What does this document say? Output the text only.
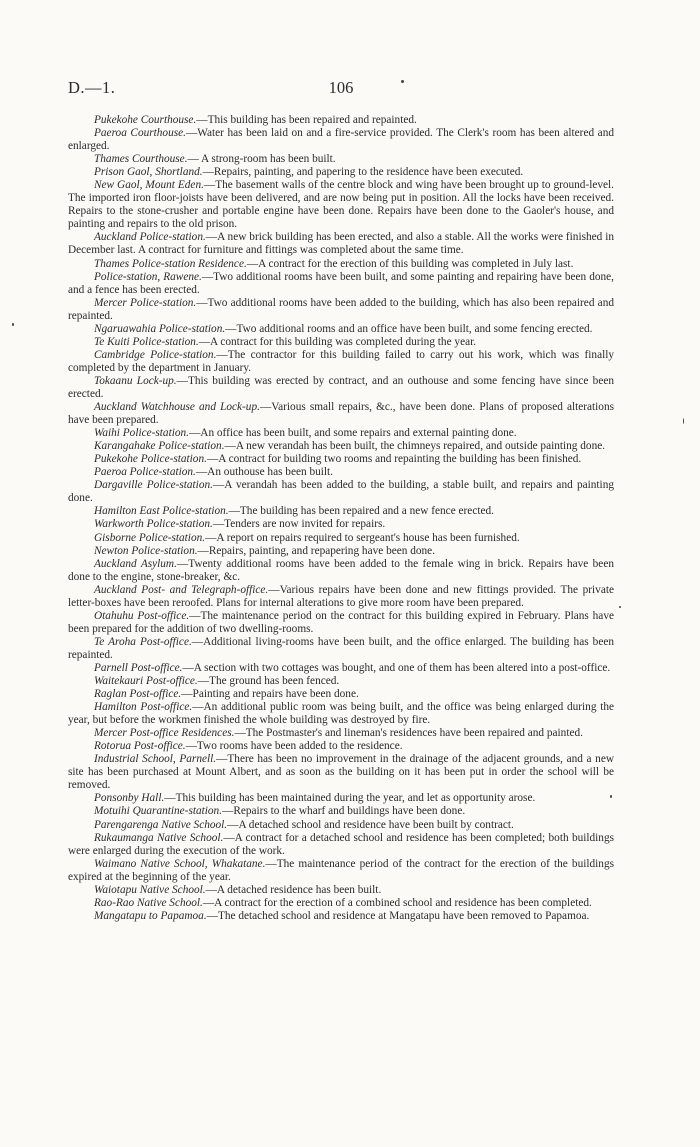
D.—1.	106

Pukekohe Courthouse.—This building has been repaired and repainted.

Paeroa Courthouse.—Water has been laid on and a fire-service provided. The Clerk's room has been altered and enlarged.

Thames Courthouse.— A strong-room has been built.

Prison Gaol, Shortland.—Repairs, painting, and papering to the residence have been executed.

New Gaol, Mount Eden.—The basement walls of the centre block and wing have been brought up to ground-level. The imported iron floor-joists have been delivered, and are now being put in position. All the locks have been received. Repairs to the stone-crusher and portable engine have been done. Repairs have been done to the Gaoler's house, and painting and repairs to the old prison.

Auckland Police-station.—A new brick building has been erected, and also a stable. All the works were finished in December last. A contract for furniture and fittings was completed about the same time.

Thames Police-station Residence.—A contract for the erection of this building was completed in July last.

Police-station, Rawene.—Two additional rooms have been built, and some painting and repairing have been done, and a fence has been erected.

Mercer Police-station.—Two additional rooms have been added to the building, which has also been repaired and repainted.

Ngaruawahia Police-station.—Two additional rooms and an office have been built, and some fencing erected.

Te Kuiti Police-station.—A contract for this building was completed during the year.

Cambridge Police-station.—The contractor for this building failed to carry out his work, which was finally completed by the department in January.

Tokaanu Lock-up.—This building was erected by contract, and an outhouse and some fencing have since been erected.

Auckland Watchhouse and Lock-up.—Various small repairs, &c., have been done. Plans of proposed alterations have been prepared.

Waihi Police-station.—An office has been built, and some repairs and external painting done.

Karangahake Police-station.—A new verandah has been built, the chimneys repaired, and outside painting done.

Pukekohe Police-station.—A contract for building two rooms and repainting the building has been finished.

Paeroa Police-station.—An outhouse has been built.

Dargaville Police-station.—A verandah has been added to the building, a stable built, and repairs and painting done.

Hamilton East Police-station.—The building has been repaired and a new fence erected.

Warkworth Police-station.—Tenders are now invited for repairs.

Gisborne Police-station.—A report on repairs required to sergeant's house has been furnished.

Newton Police-station.—Repairs, painting, and repapering have been done.

Auckland Asylum.—Twenty additional rooms have been added to the female wing in brick. Repairs have been done to the engine, stone-breaker, &c.

Auckland Post- and Telegraph-office.—Various repairs have been done and new fittings provided. The private letter-boxes have been reroofed. Plans for internal alterations to give more room have been prepared.

Otahuhu Post-office.—The maintenance period on the contract for this building expired in February. Plans have been prepared for the addition of two dwelling-rooms.

Te Aroha Post-office.—Additional living-rooms have been built, and the office enlarged. The building has been repainted.

Parnell Post-office.—A section with two cottages was bought, and one of them has been altered into a post-office.

Waitekauri Post-office.—The ground has been fenced.

Raglan Post-office.—Painting and repairs have been done.

Hamilton Post-office.—An additional public room was being built, and the office was being enlarged during the year, but before the workmen finished the whole building was destroyed by fire.

Mercer Post-office Residences.—The Postmaster's and lineman's residences have been repaired and painted.

Rotorua Post-office.—Two rooms have been added to the residence.

Industrial School, Parnell.—There has been no improvement in the drainage of the adjacent grounds, and a new site has been purchased at Mount Albert, and as soon as the building on it has been put in order the school will be removed.

Ponsonby Hall.—This building has been maintained during the year, and let as opportunity arose.

Motuihi Quarantine-station.—Repairs to the wharf and buildings have been done.

Parengarenga Native School.—A detached school and residence have been built by contract.

Rukaumanga Native School.—A contract for a detached school and residence has been completed; both buildings were enlarged during the execution of the work.

Waimano Native School, Whakatane.—The maintenance period of the contract for the erection of the buildings expired at the beginning of the year.

Waiotapu Native School.—A detached residence has been built.

Rao-Rao Native School.—A contract for the erection of a combined school and residence has been completed.

Mangatapu to Papamoa.—The detached school and residence at Mangatapu have been removed to Papamoa.
